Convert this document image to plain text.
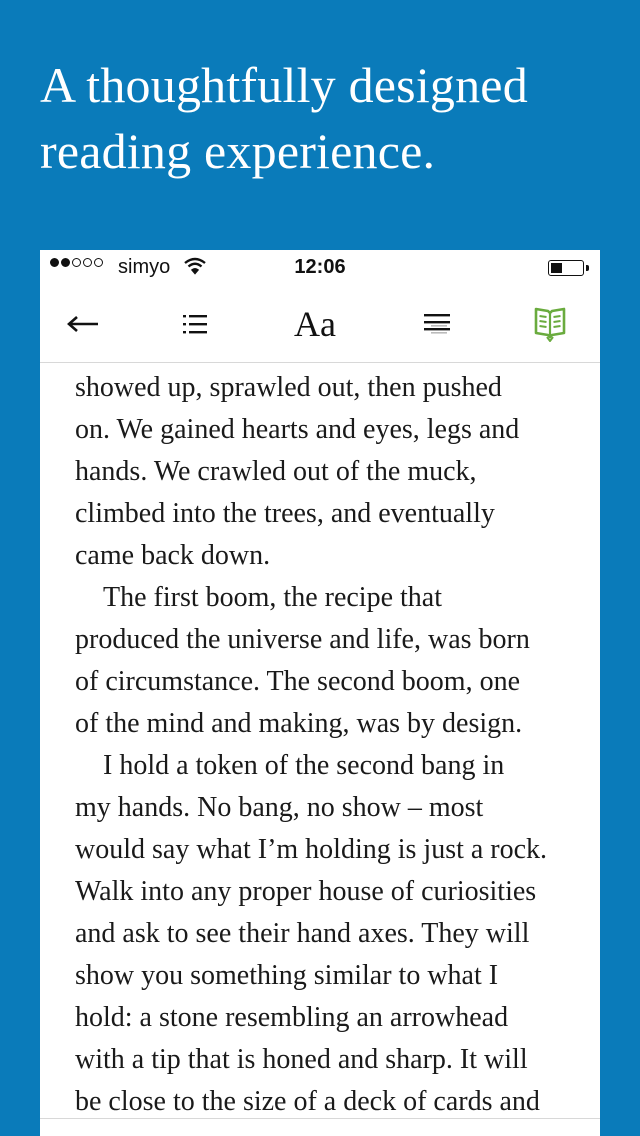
A thoughtfully designed
reading experience.
simyo	12:06
Aa
showed up, sprawled out, then pushed
on. We gained hearts and eyes, legs and
hands. We crawled out of the muck,
climbed into the trees, and eventually
came back down.
The first boom, the recipe that
produced the universe and life, was born
of circumstance. The second boom, one
of the mind and making, was by design.
I hold a token of the second bang in
my hands. No bang, no show – most
would say what I’m holding is just a rock.
Walk into any proper house of curiosities
and ask to see their hand axes. They will
show you something similar to what I
hold: a stone resembling an arrowhead
with a tip that is honed and sharp. It will
be close to the size of a deck of cards and
